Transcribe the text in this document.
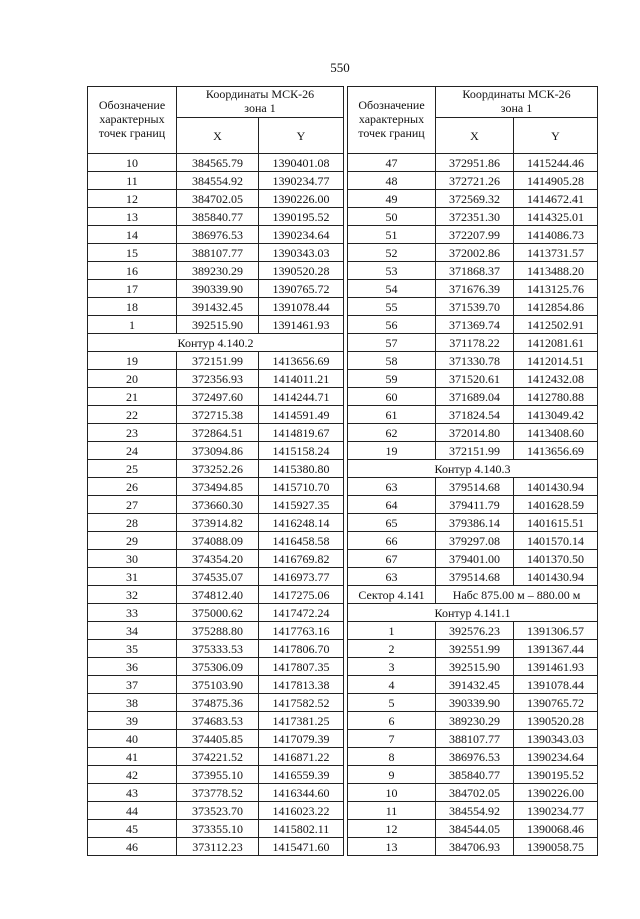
550
Обозначение
характерных
точек границ	Координаты МСК-26
зона 1	
	X	Y
10	384565.79	1390401.08
11	384554.92	1390234.77
12	384702.05	1390226.00
13	385840.77	1390195.52
14	386976.53	1390234.64
15	388107.77	1390343.03
16	389230.29	1390520.28
17	390339.90	1390765.72
18	391432.45	1391078.44
1	392515.90	1391461.93
Контур 4.140.2		
19	372151.99	1413656.69
20	372356.93	1414011.21
21	372497.60	1414244.71
22	372715.38	1414591.49
23	372864.51	1414819.67
24	373094.86	1415158.24
25	373252.26	1415380.80
26	373494.85	1415710.70
27	373660.30	1415927.35
28	373914.82	1416248.14
29	374088.09	1416458.58
30	374354.20	1416769.82
31	374535.07	1416973.77
32	374812.40	1417275.06
33	375000.62	1417472.24
34	375288.80	1417763.16
35	375333.53	1417806.70
36	375306.09	1417807.35
37	375103.90	1417813.38
38	374875.36	1417582.52
39	374683.53	1417381.25
40	374405.85	1417079.39
41	374221.52	1416871.22
42	373955.10	1416559.39
43	373778.52	1416344.60
44	373523.70	1416023.22
45	373355.10	1415802.11
46	373112.23	1415471.60
Обозначение
характерных
точек границ	Координаты МСК-26
зона 1	
	X	Y
47	372951.86	1415244.46
48	372721.26	1414905.28
49	372569.32	1414672.41
50	372351.30	1414325.01
51	372207.99	1414086.73
52	372002.86	1413731.57
53	371868.37	1413488.20
54	371676.39	1413125.76
55	371539.70	1412854.86
56	371369.74	1412502.91
57	371178.22	1412081.61
58	371330.78	1412014.51
59	371520.61	1412432.08
60	371689.04	1412780.88
61	371824.54	1413049.42
62	372014.80	1413408.60
19	372151.99	1413656.69
Контур 4.140.3		
63	379514.68	1401430.94
64	379411.79	1401628.59
65	379386.14	1401615.51
66	379297.08	1401570.14
67	379401.00	1401370.50
63	379514.68	1401430.94
Сектор 4.141	Набс 875.00 м – 880.00 м	
Контур 4.141.1		
1	392576.23	1391306.57
2	392551.99	1391367.44
3	392515.90	1391461.93
4	391432.45	1391078.44
5	390339.90	1390765.72
6	389230.29	1390520.28
7	388107.77	1390343.03
8	386976.53	1390234.64
9	385840.77	1390195.52
10	384702.05	1390226.00
11	384554.92	1390234.77
12	384544.05	1390068.46
13	384706.93	1390058.75
